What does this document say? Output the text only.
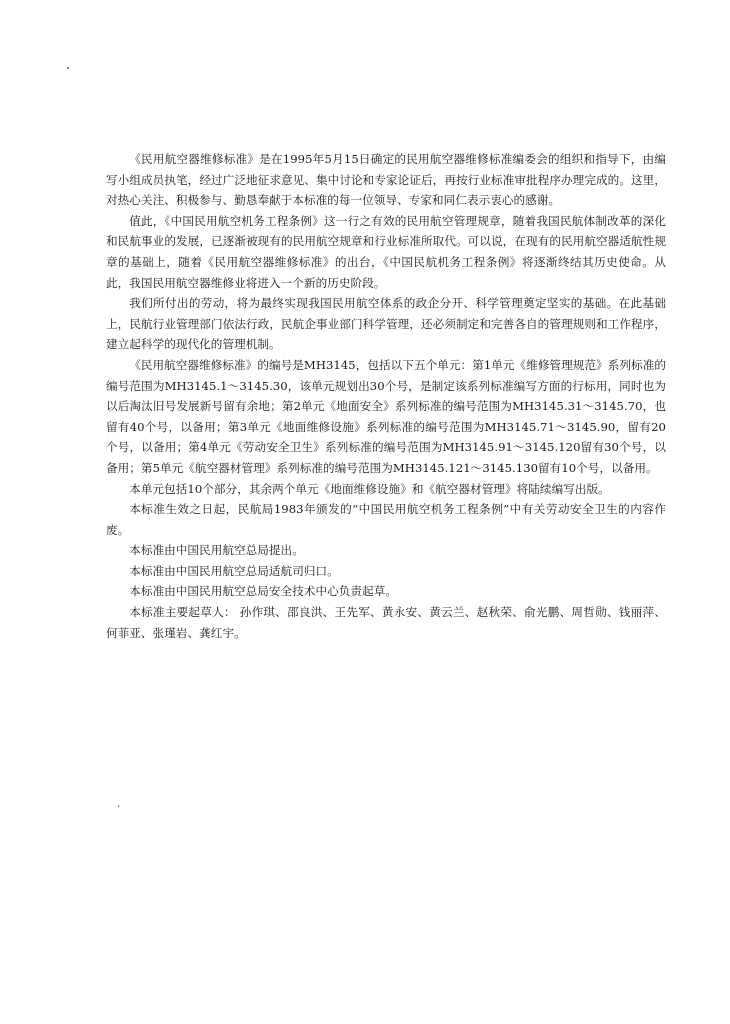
《民用航空器维修标准》是在1995年5月15日确定的民用航空器维修标准编委会的组织和指导下，由编写小组成员执笔，经过广泛地征求意见、集中讨论和专家论证后，再按行业标准审批程序办理完成的。这里，对热心关注、积极参与、勤恳奉献于本标准的每一位领导、专家和同仁表示衷心的感谢。

值此，《中国民用航空机务工程条例》这一行之有效的民用航空管理规章，随着我国民航体制改革的深化和民航事业的发展，已逐渐被现有的民用航空规章和行业标准所取代。可以说，在现有的民用航空器适航性规章的基础上，随着《民用航空器维修标准》的出台，《中国民航机务工程条例》将逐渐终结其历史使命。从此，我国民用航空器维修业将进入一个新的历史阶段。

我们所付出的劳动，将为最终实现我国民用航空体系的政企分开、科学管理奠定坚实的基础。在此基础上，民航行业管理部门依法行政，民航企事业部门科学管理，还必须制定和完善各自的管理规则和工作程序，建立起科学的现代化的管理机制。

《民用航空器维修标准》的编号是MH3145，包括以下五个单元：第1单元《维修管理规范》系列标准的编号范围为MH3145.1～3145.30，该单元规划出30个号，是制定该系列标准编写方面的行标用，同时也为以后淘汰旧号发展新号留有余地；第2单元《地面安全》系列标准的编号范围为MH3145.31～3145.70，也留有40个号，以备用；第3单元《地面维修设施》系列标准的编号范围为MH3145.71～3145.90，留有20个号，以备用；第4单元《劳动安全卫生》系列标准的编号范围为MH3145.91～3145.120留有30个号，以备用；第5单元《航空器材管理》系列标准的编号范围为MH3145.121～3145.130留有10个号，以备用。

本单元包括10个部分，其余两个单元《地面维修设施》和《航空器材管理》将陆续编写出版。

本标准生效之日起，民航局1983年颁发的“中国民用航空机务工程条例”中有关劳动安全卫生的内容作废。

本标准由中国民用航空总局提出。

本标准由中国民用航空总局适航司归口。

本标准由中国民用航空总局安全技术中心负责起草。

本标准主要起草人： 孙作琪、邵良洪、王先军、黄永安、黄云兰、赵秋荣、俞光鹏、周哲勋、钱丽萍、何菲亚、张瑾岩、龚红宇。
